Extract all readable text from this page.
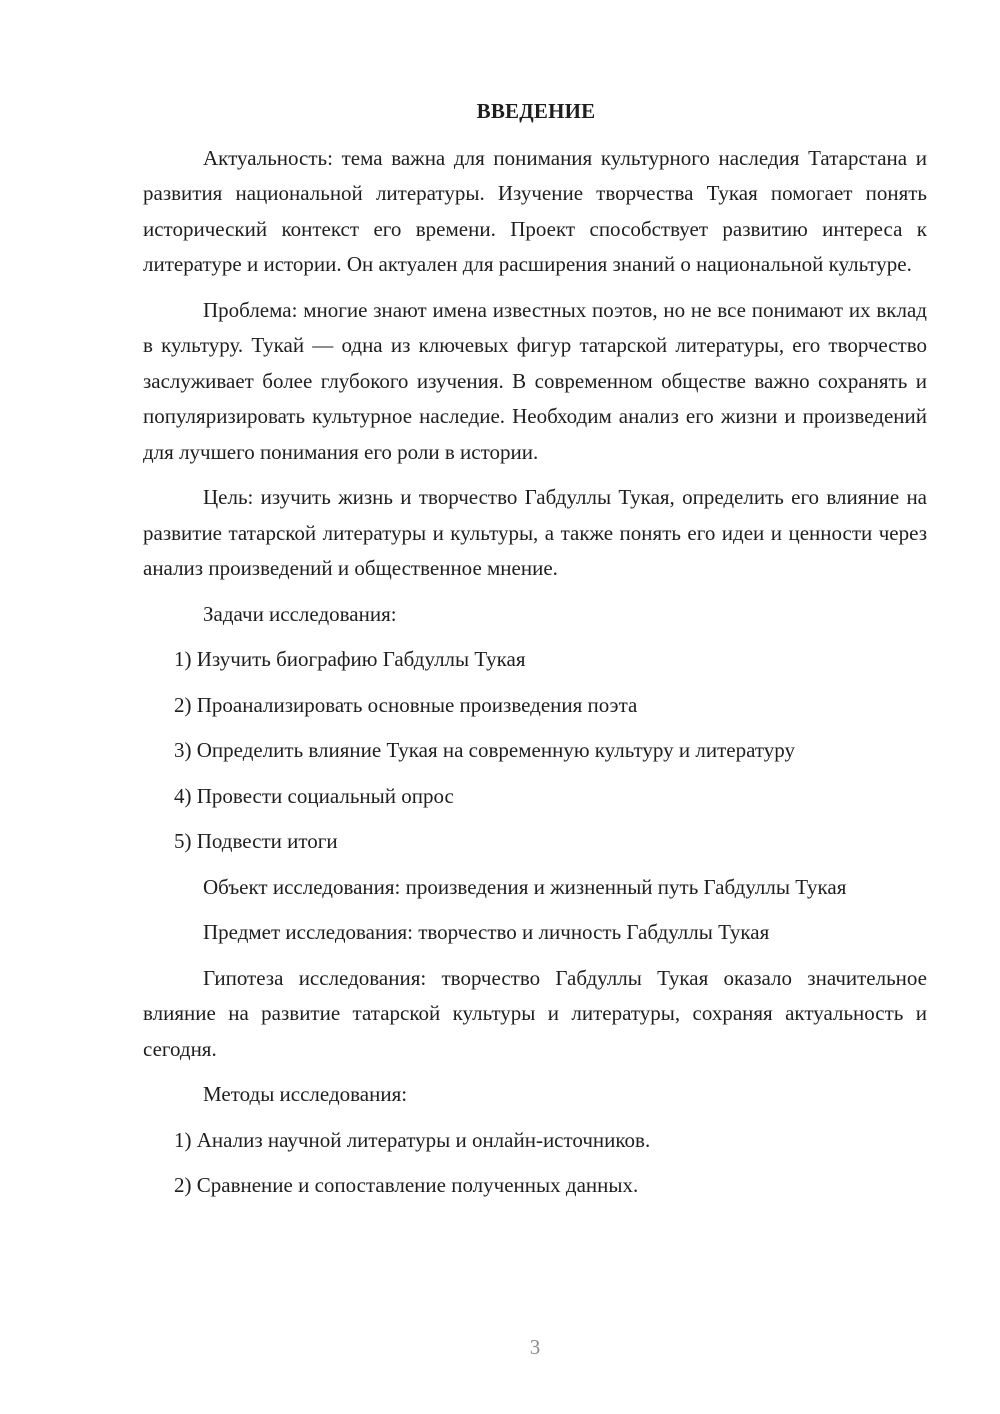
ВВЕДЕНИЕ

Актуальность: тема важна для понимания культурного наследия Татарстана и развития национальной литературы. Изучение творчества Тукая помогает понять исторический контекст его времени. Проект способствует развитию интереса к литературе и истории. Он актуален для расширения знаний о национальной культуре.

Проблема: многие знают имена известных поэтов, но не все понимают их вклад в культуру. Тукай — одна из ключевых фигур татарской литературы, его творчество заслуживает более глубокого изучения. В современном обществе важно сохранять и популяризировать культурное наследие. Необходим анализ его жизни и произведений для лучшего понимания его роли в истории.

Цель: изучить жизнь и творчество Габдуллы Тукая, определить его влияние на развитие татарской литературы и культуры, а также понять его идеи и ценности через анализ произведений и общественное мнение.

Задачи исследования:
1) Изучить биографию Габдуллы Тукая
2) Проанализировать основные произведения поэта
3) Определить влияние Тукая на современную культуру и литературу
4) Провести социальный опрос
5) Подвести итоги

Объект исследования: произведения и жизненный путь Габдуллы Тукая

Предмет исследования: творчество и личность Габдуллы Тукая

Гипотеза исследования: творчество Габдуллы Тукая оказало значительное влияние на развитие татарской культуры и литературы, сохраняя актуальность и сегодня.

Методы исследования:
1) Анализ научной литературы и онлайн-источников.
2) Сравнение и сопоставление полученных данных.
3
